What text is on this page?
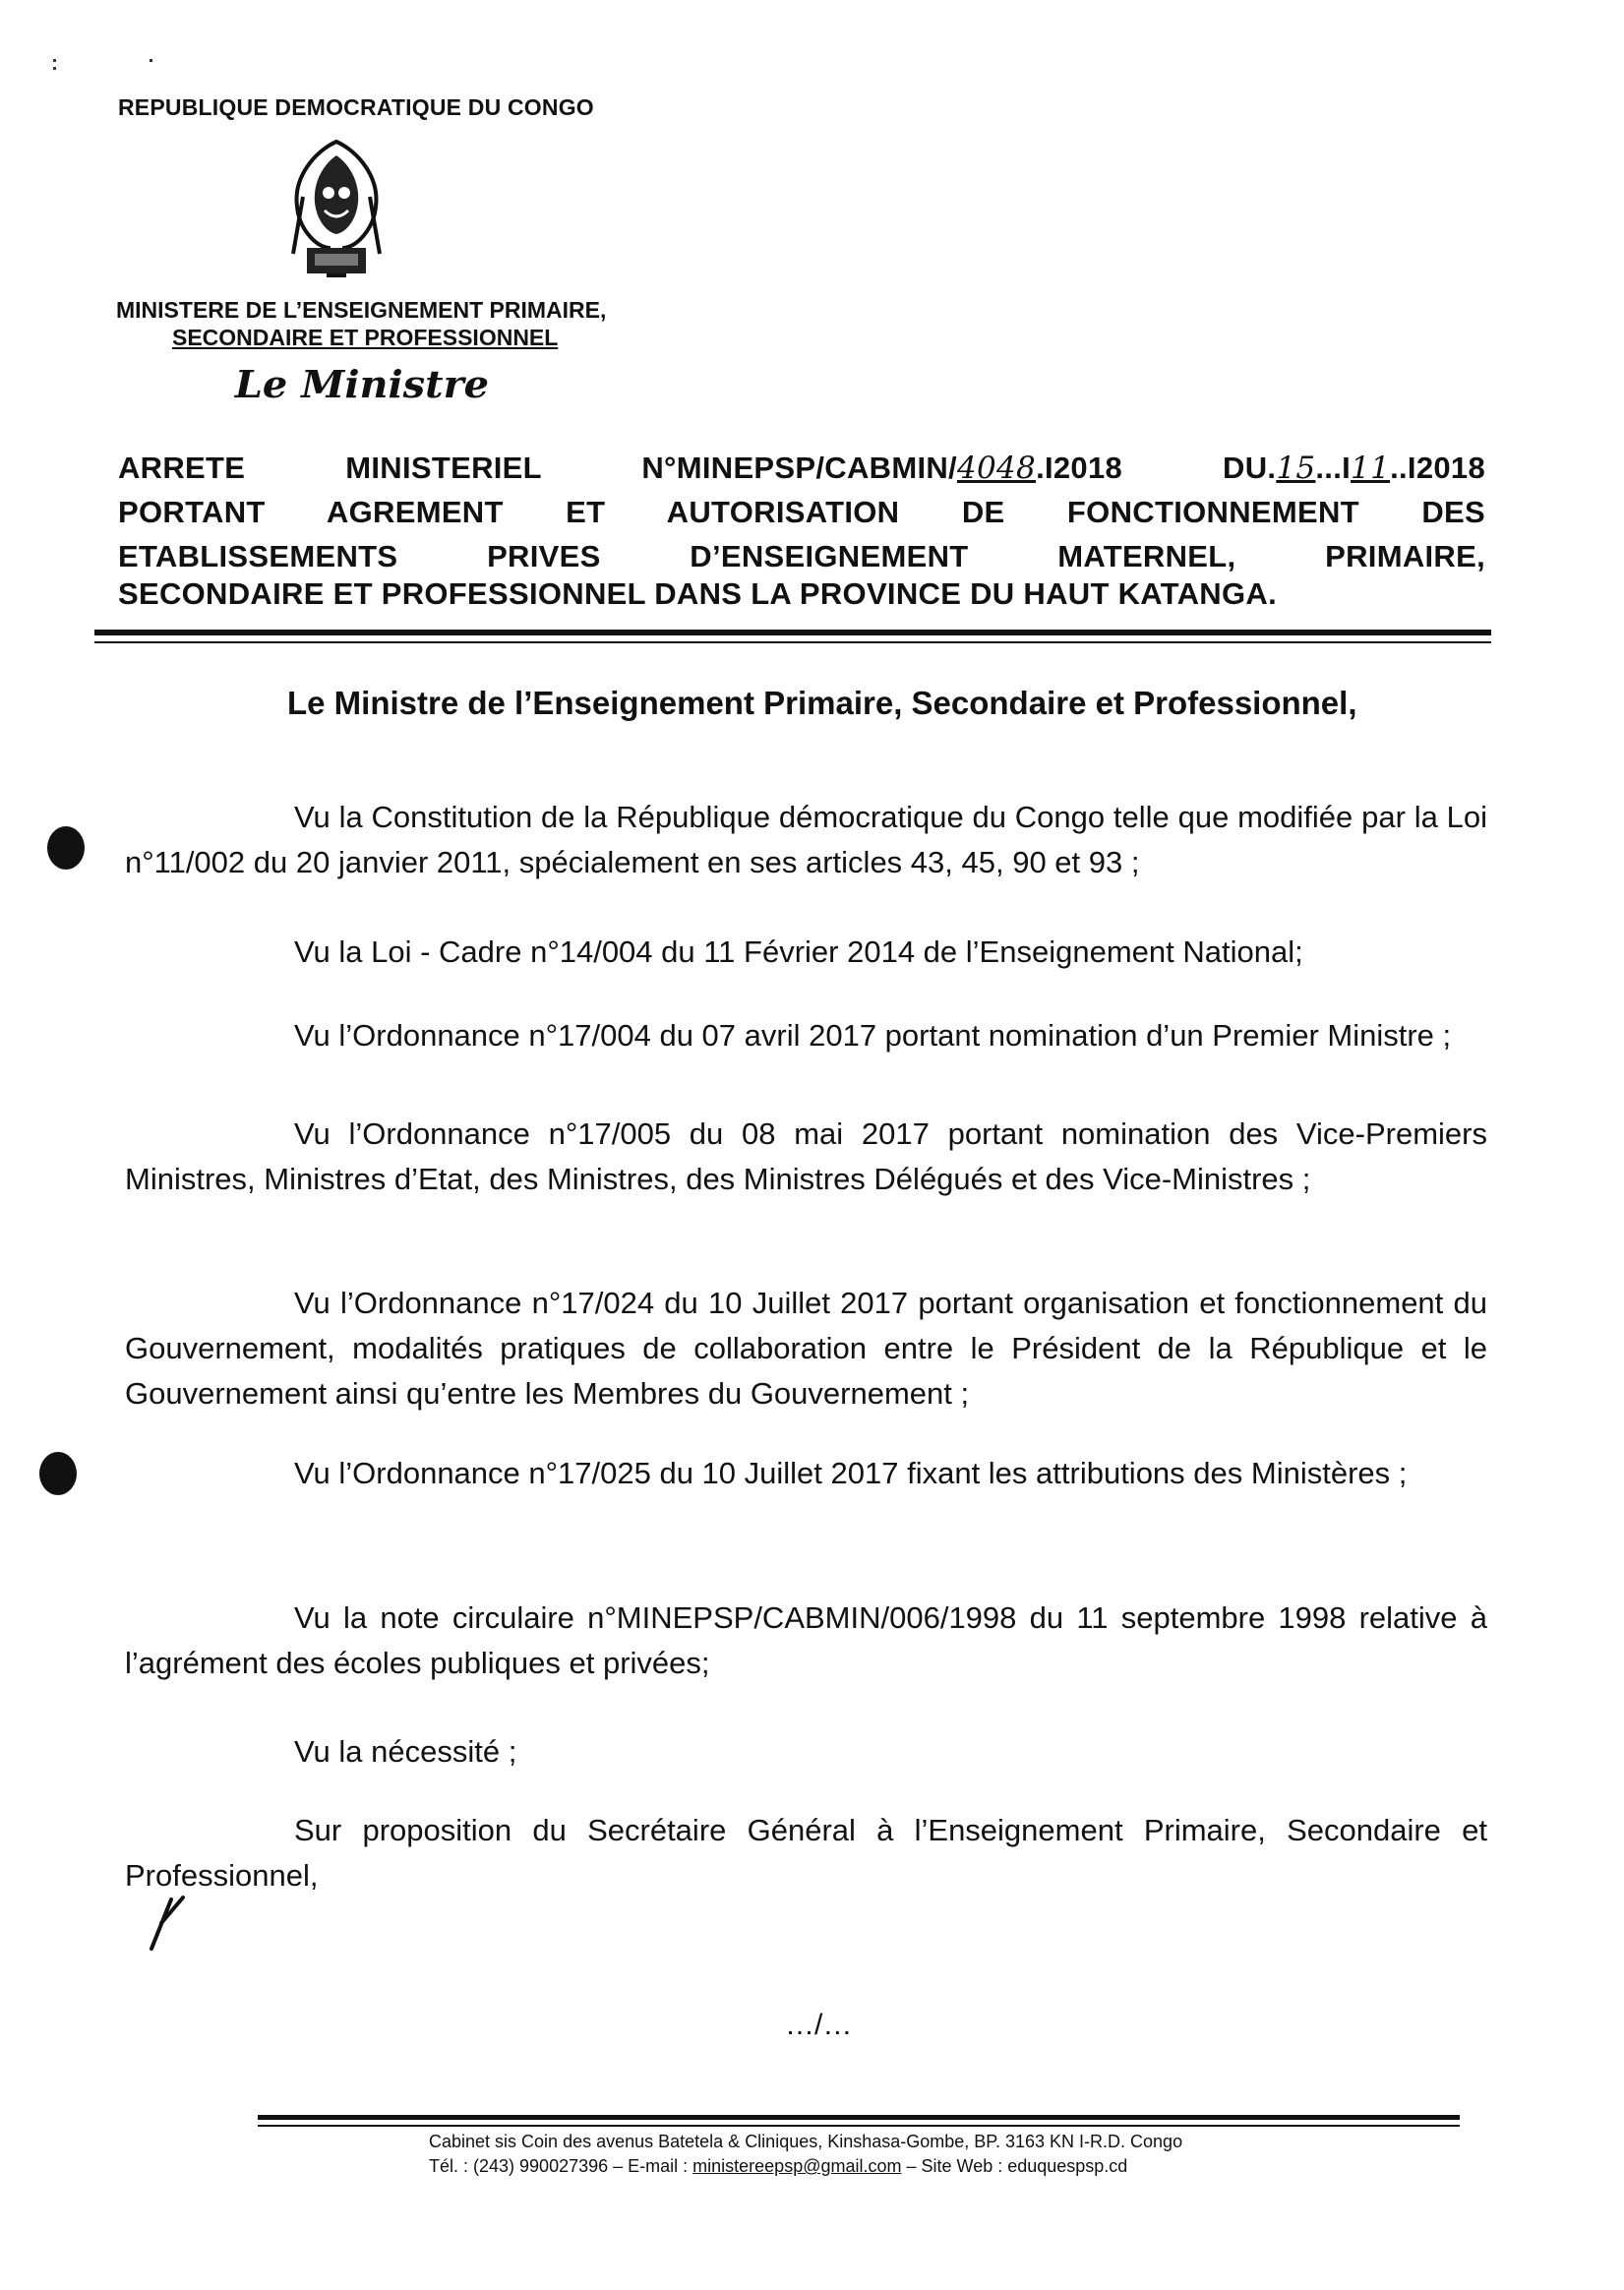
REPUBLIQUE DEMOCRATIQUE DU CONGO
MINISTERE DE L’ENSEIGNEMENT PRIMAIRE,
SECONDAIRE ET PROFESSIONNEL
Le Ministre
ARRETE MINISTERIEL N°MINEPSP/CABMIN/4048.I2018 DU.15...I11..I2018
PORTANT AGREMENT ET AUTORISATION DE FONCTIONNEMENT DES
ETABLISSEMENTS PRIVES D’ENSEIGNEMENT MATERNEL, PRIMAIRE,
SECONDAIRE ET PROFESSIONNEL DANS LA PROVINCE DU HAUT KATANGA.
Le Ministre de l’Enseignement Primaire, Secondaire et Professionnel,
Vu la Constitution de la République démocratique du Congo telle que modifiée par la Loi n°11/002 du 20 janvier 2011, spécialement en ses articles 43, 45, 90 et 93 ;
Vu la Loi - Cadre n°14/004 du 11 Février 2014 de l’Enseignement National;
Vu l’Ordonnance n°17/004 du 07 avril 2017 portant nomination d’un Premier Ministre ;
Vu l’Ordonnance n°17/005 du 08 mai 2017 portant nomination des Vice-Premiers Ministres, Ministres d’Etat, des Ministres, des Ministres Délégués et des Vice-Ministres ;
Vu l’Ordonnance n°17/024 du 10 Juillet 2017 portant organisation et fonctionnement du Gouvernement, modalités pratiques de collaboration entre le Président de la République et le Gouvernement ainsi qu’entre les Membres du Gouvernement ;
Vu l’Ordonnance n°17/025 du 10 Juillet 2017 fixant les attributions des Ministères ;
Vu la note circulaire n°MINEPSP/CABMIN/006/1998 du 11 septembre 1998 relative à l’agrément des écoles publiques et privées;
Vu la nécessité ;
Sur proposition du Secrétaire Général à l’Enseignement Primaire, Secondaire et Professionnel,
…/…
Cabinet sis Coin des avenus Batetela & Cliniques, Kinshasa-Gombe, BP. 3163 KN I-R.D. Congo
Tél. : (243) 990027396 – E-mail : ministereepsp@gmail.com – Site Web : eduquespsp.cd
